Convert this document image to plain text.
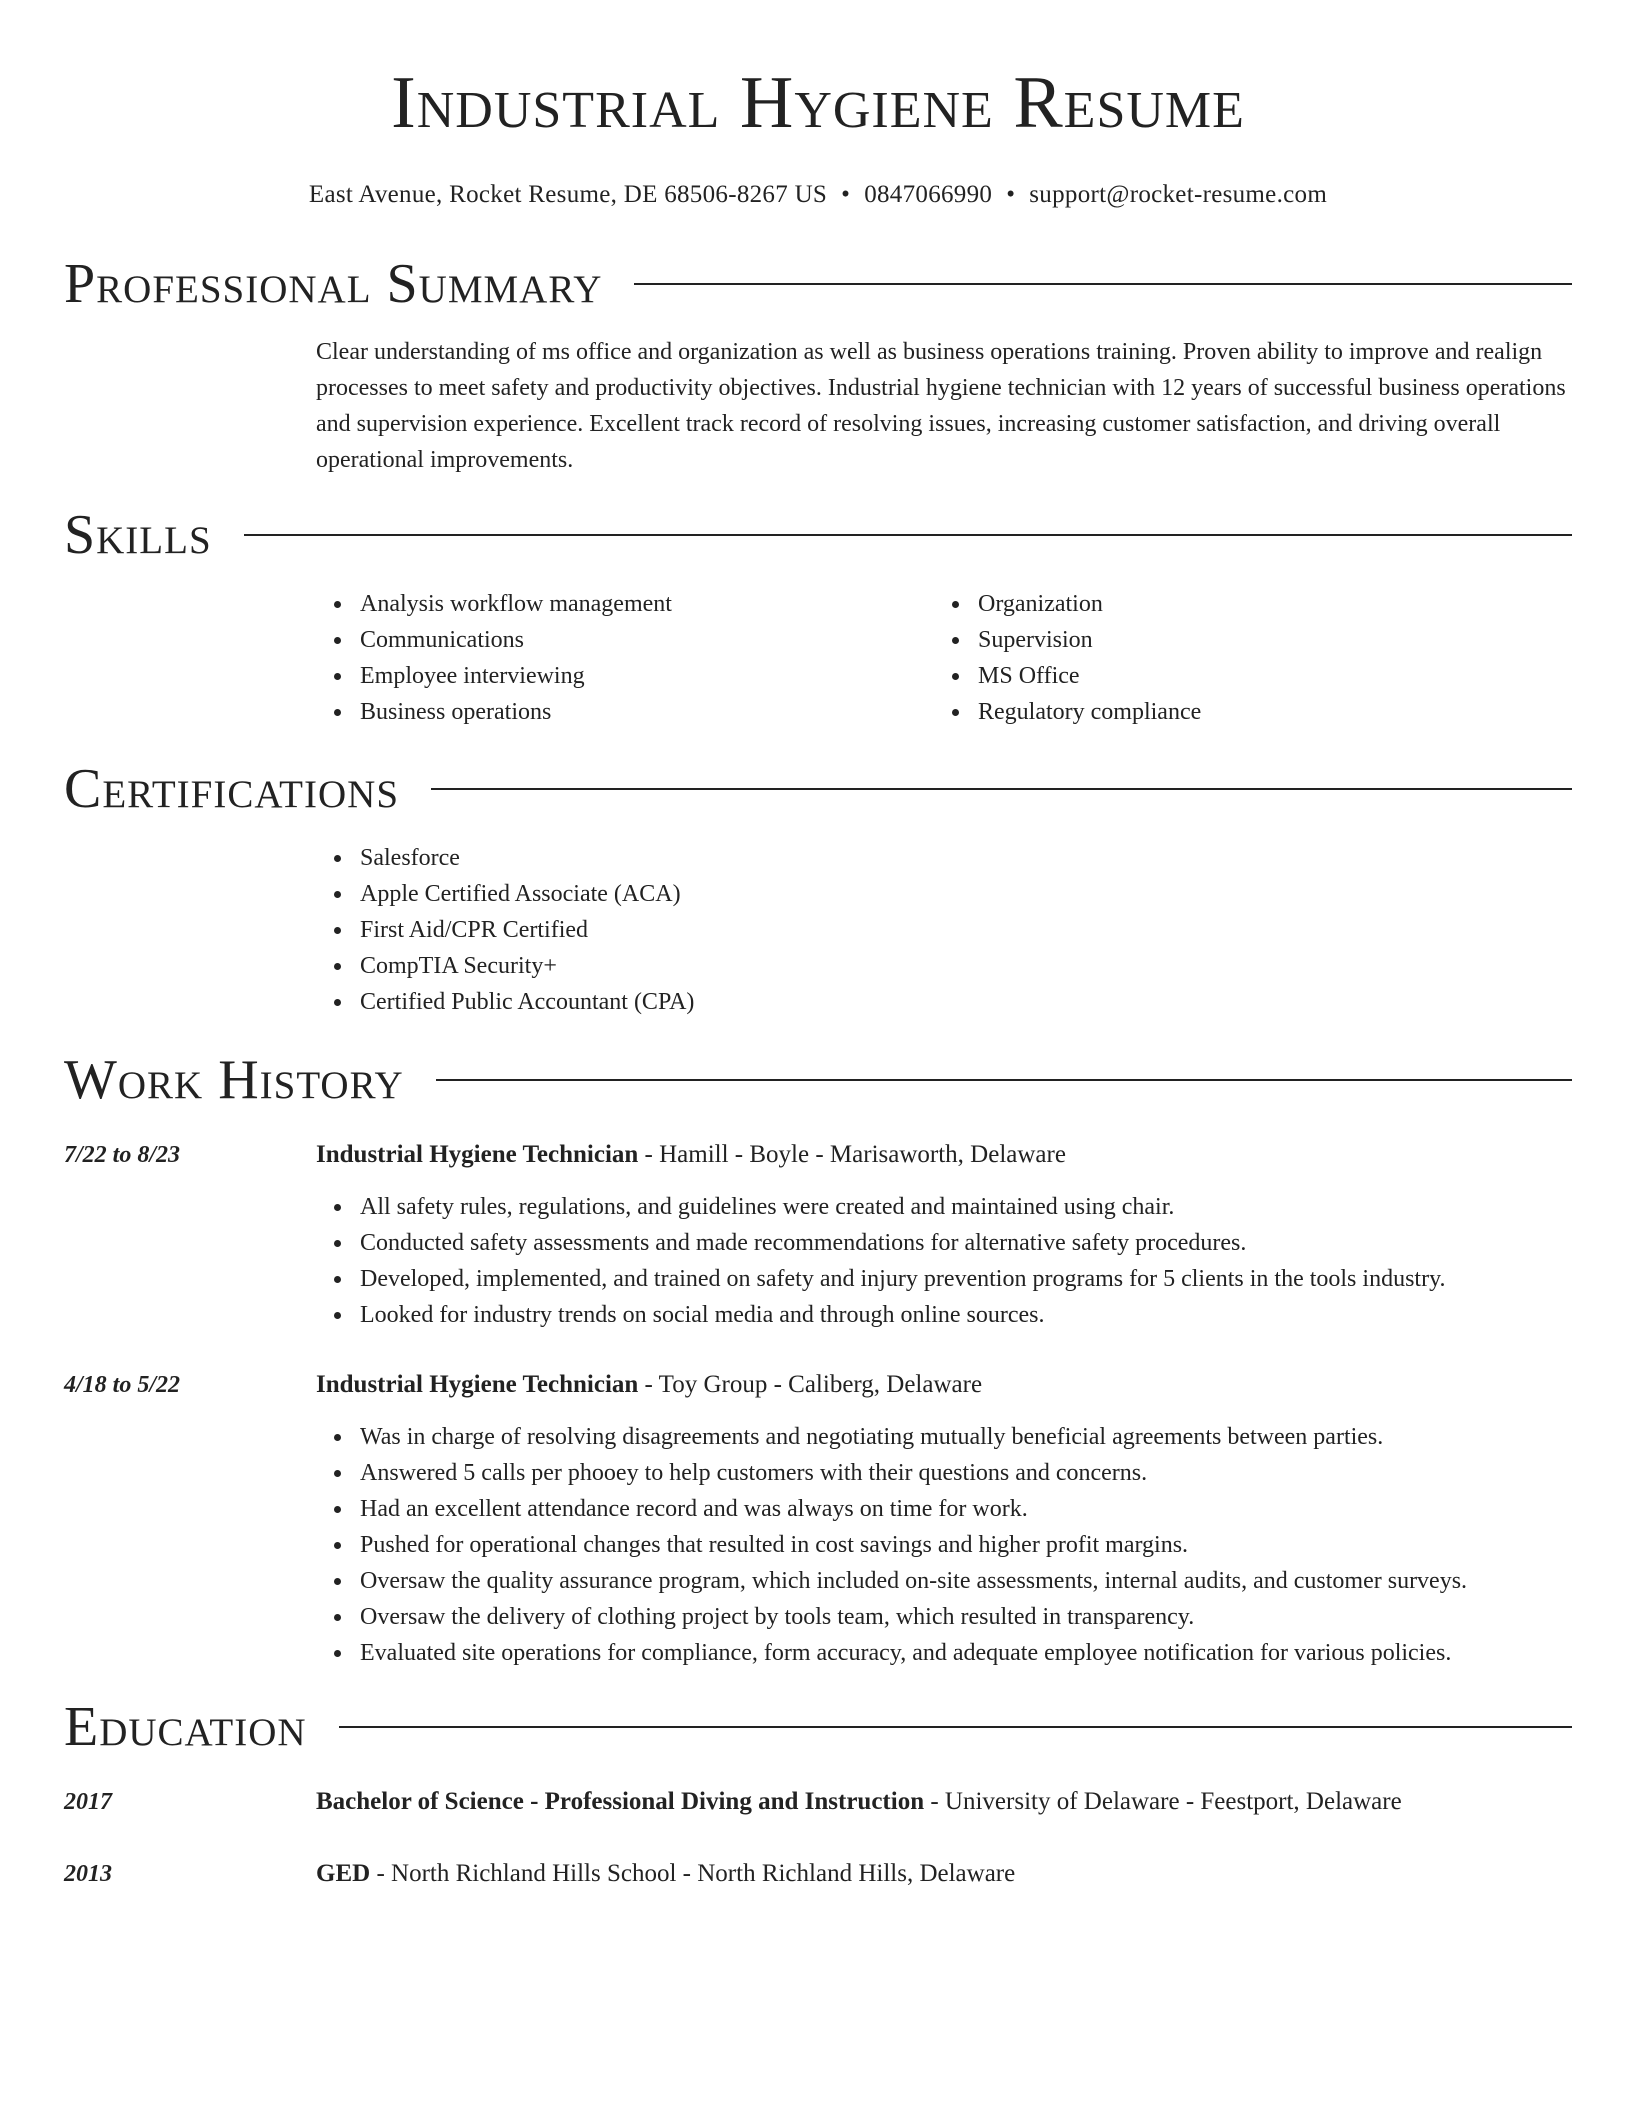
Industrial Hygiene Resume
East Avenue, Rocket Resume, DE 68506-8267 US • 0847066990 • support@rocket-resume.com
Professional Summary

Clear understanding of ms office and organization as well as business operations training. Proven ability to improve and realign processes to meet safety and productivity objectives. Industrial hygiene technician with 12 years of successful business operations and supervision experience. Excellent track record of resolving issues, increasing customer satisfaction, and driving overall operational improvements.

Skills
Analysis workflow management
Communications
Employee interviewing
Business operations
Organization
Supervision
MS Office
Regulatory compliance
Certifications
Salesforce
Apple Certified Associate (ACA)
First Aid/CPR Certified
CompTIA Security+
Certified Public Accountant (CPA)
Work History
7/22 to 8/23	Industrial Hygiene Technician - Hamill - Boyle - Marisaworth, Delaware
All safety rules, regulations, and guidelines were created and maintained using chair.
Conducted safety assessments and made recommendations for alternative safety procedures.
Developed, implemented, and trained on safety and injury prevention programs for 5 clients in the tools industry.
Looked for industry trends on social media and through online sources.
4/18 to 5/22	Industrial Hygiene Technician - Toy Group - Caliberg, Delaware
Was in charge of resolving disagreements and negotiating mutually beneficial agreements between parties.
Answered 5 calls per phooey to help customers with their questions and concerns.
Had an excellent attendance record and was always on time for work.
Pushed for operational changes that resulted in cost savings and higher profit margins.
Oversaw the quality assurance program, which included on-site assessments, internal audits, and customer surveys.
Oversaw the delivery of clothing project by tools team, which resulted in transparency.
Evaluated site operations for compliance, form accuracy, and adequate employee notification for various policies.
Education
2017	Bachelor of Science - Professional Diving and Instruction - University of Delaware - Feestport, Delaware
2013	GED - North Richland Hills School - North Richland Hills, Delaware
